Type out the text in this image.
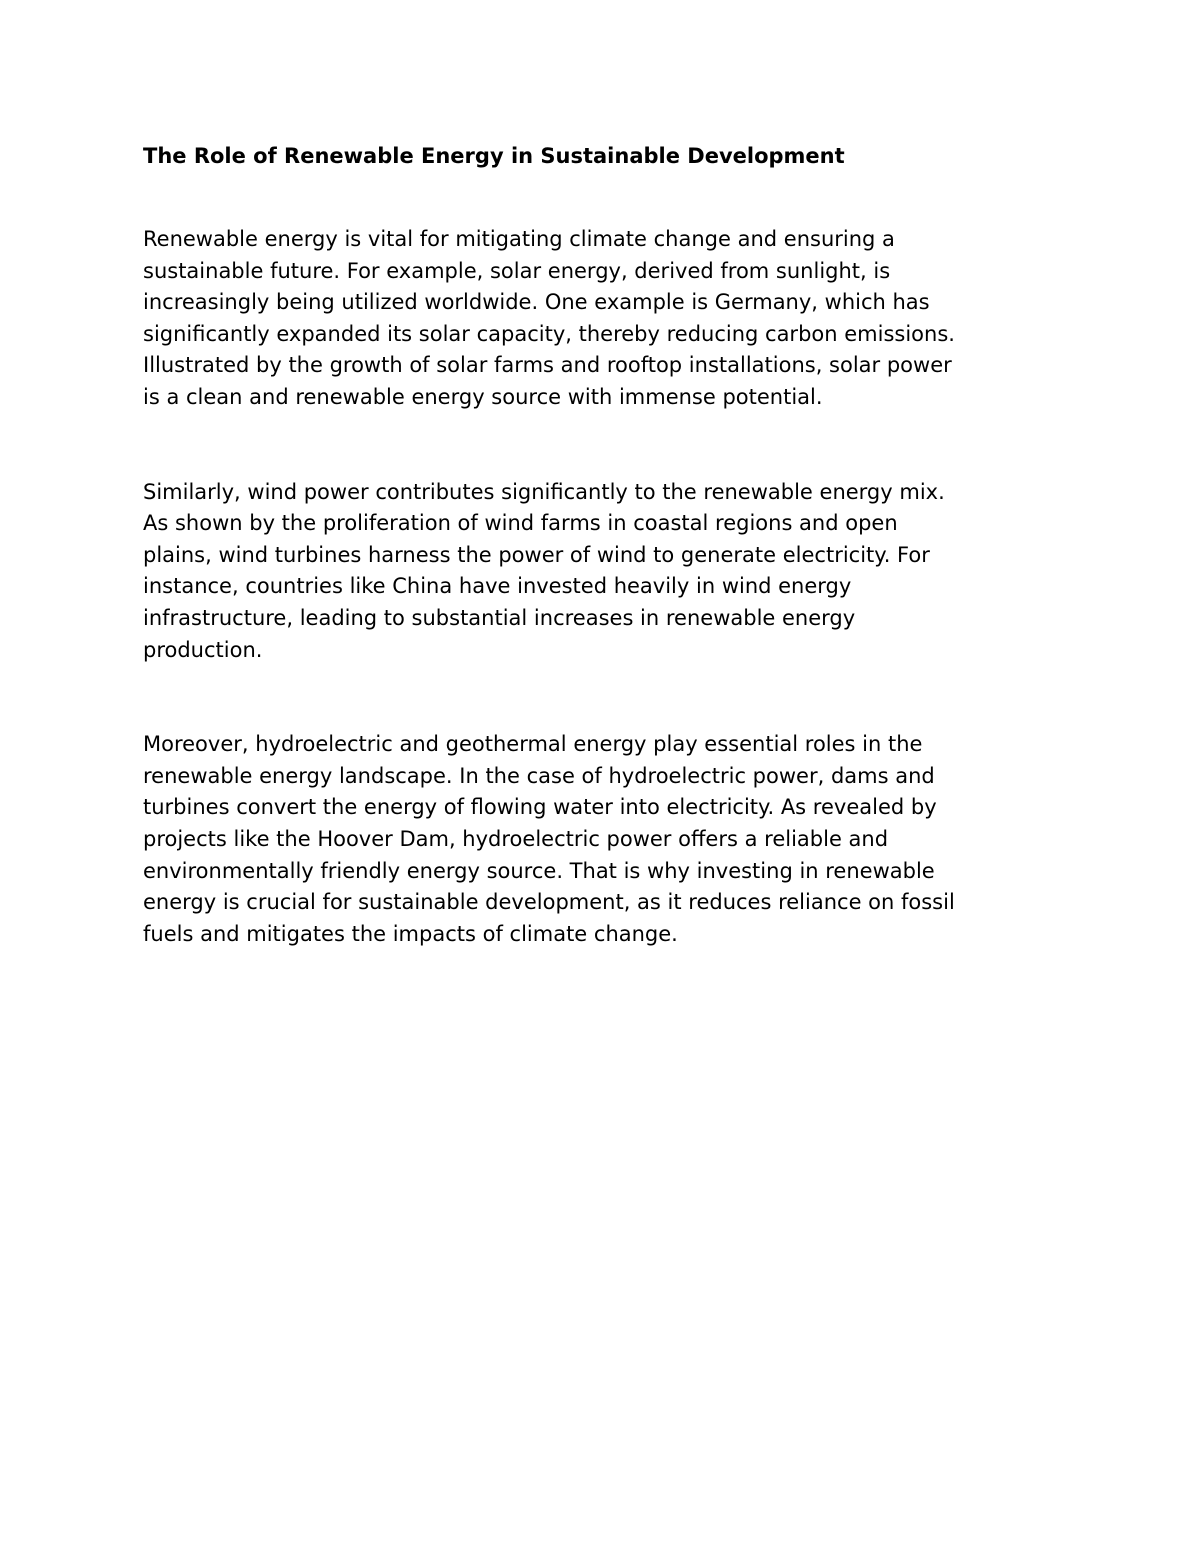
The Role of Renewable Energy in Sustainable Development

Renewable energy is vital for mitigating climate change and ensuring a
sustainable future. For example, solar energy, derived from sunlight, is
increasingly being utilized worldwide. One example is Germany, which has
significantly expanded its solar capacity, thereby reducing carbon emissions.
Illustrated by the growth of solar farms and rooftop installations, solar power
is a clean and renewable energy source with immense potential.

Similarly, wind power contributes significantly to the renewable energy mix.
As shown by the proliferation of wind farms in coastal regions and open
plains, wind turbines harness the power of wind to generate electricity. For
instance, countries like China have invested heavily in wind energy
infrastructure, leading to substantial increases in renewable energy
production.

Moreover, hydroelectric and geothermal energy play essential roles in the
renewable energy landscape. In the case of hydroelectric power, dams and
turbines convert the energy of flowing water into electricity. As revealed by
projects like the Hoover Dam, hydroelectric power offers a reliable and
environmentally friendly energy source. That is why investing in renewable
energy is crucial for sustainable development, as it reduces reliance on fossil
fuels and mitigates the impacts of climate change.
